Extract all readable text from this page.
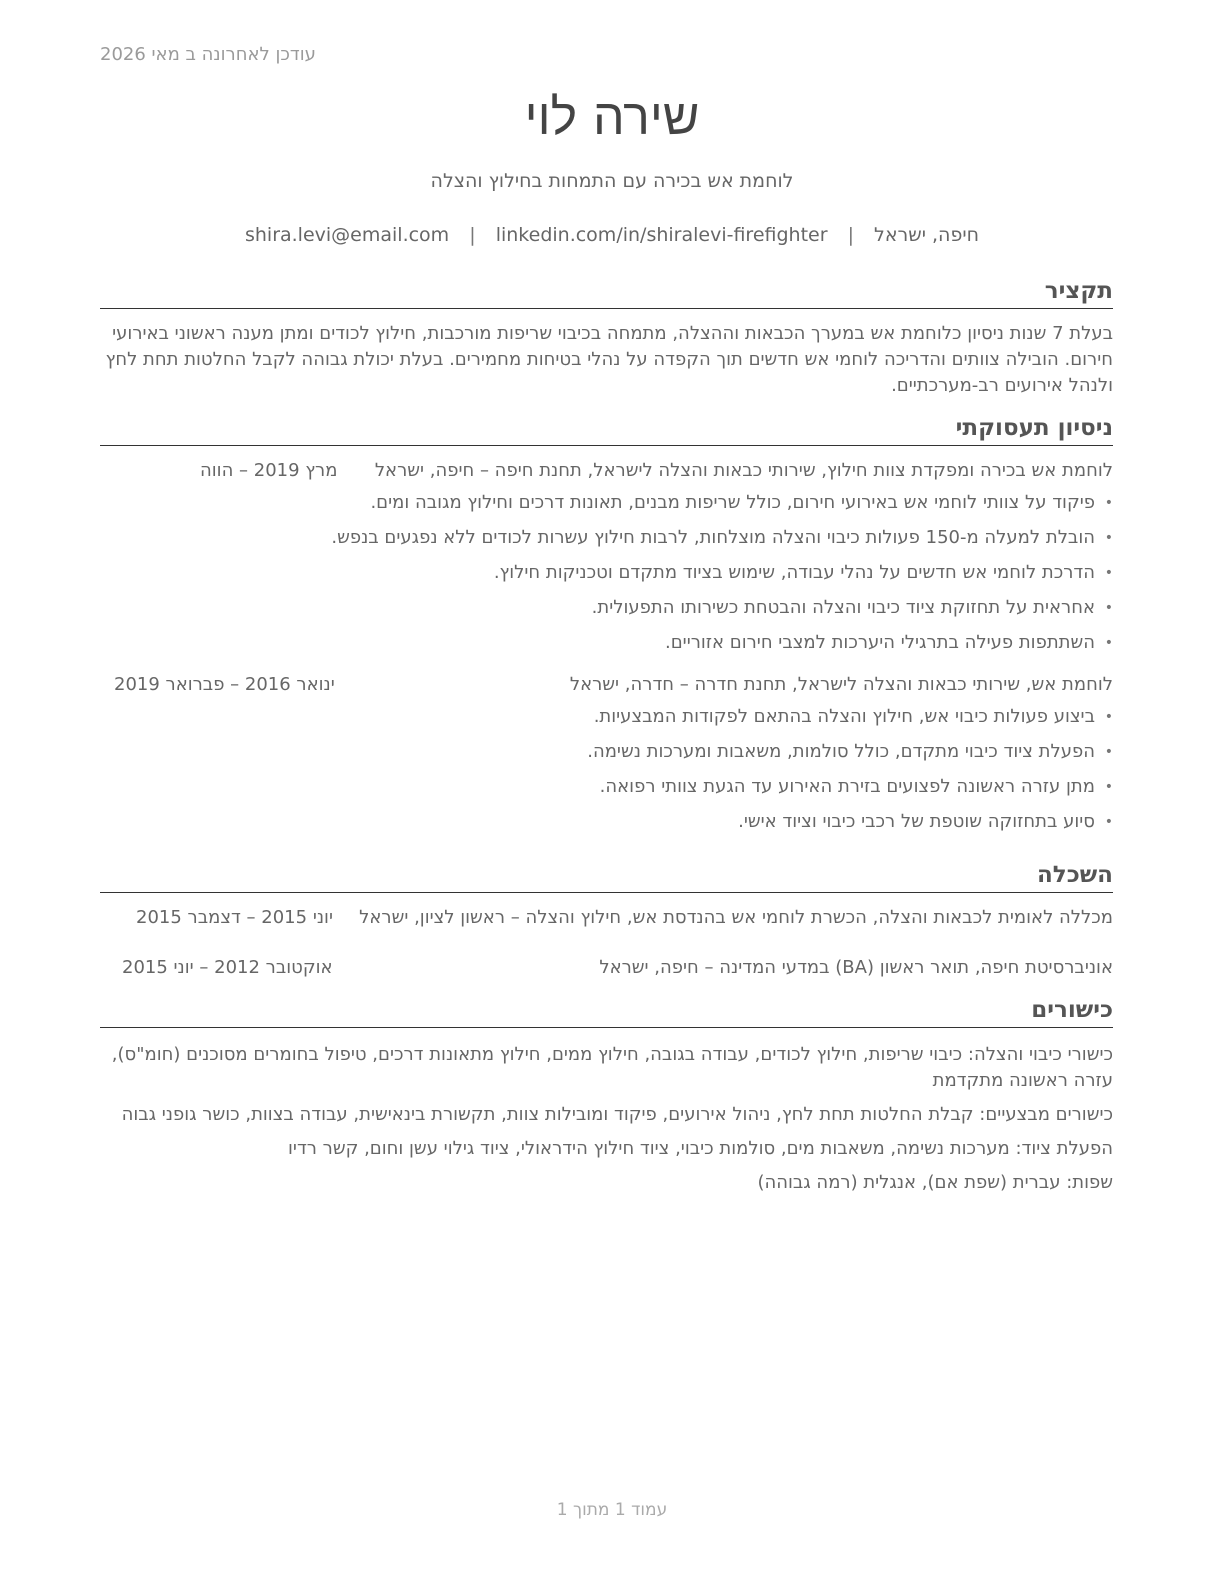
עודכן לאחרונה ב מאי 2026
שירה לוי
לוחמת אש בכירה עם התמחות בחילוץ והצלה
חיפה, ישראל | shira.levi@email.com | linkedin.com/in/shiralevi-firefighter
תקציר

בעלת 7 שנות ניסיון כלוחמת אש במערך הכבאות וההצלה, מתמחה בכיבוי שריפות מורכבות, חילוץ לכודים ומתן מענה ראשוני באירועי חירום. הובילה צוותים והדריכה לוחמי אש חדשים תוך הקפדה על נהלי בטיחות מחמירים. בעלת יכולת גבוהה לקבל החלטות תחת לחץ ולנהל אירועים רב-מערכתיים.

ניסיון תעסוקתי
לוחמת אש בכירה ומפקדת צוות חילוץ, שירותי כבאות והצלה לישראל, תחנת חיפה – חיפה, ישראל
מרץ 2019 – הווה
• פיקוד על צוותי לוחמי אש באירועי חירום, כולל שריפות מבנים, תאונות דרכים וחילוץ מגובה ומים.
• הובלת למעלה מ-150 פעולות כיבוי והצלה מוצלחות, לרבות חילוץ עשרות לכודים ללא נפגעים בנפש.
• הדרכת לוחמי אש חדשים על נהלי עבודה, שימוש בציוד מתקדם וטכניקות חילוץ.
• אחראית על תחזוקת ציוד כיבוי והצלה והבטחת כשירותו התפעולית.
• השתתפות פעילה בתרגילי היערכות למצבי חירום אזוריים.
לוחמת אש, שירותי כבאות והצלה לישראל, תחנת חדרה – חדרה, ישראל
ינואר 2016 – פברואר 2019
• ביצוע פעולות כיבוי אש, חילוץ והצלה בהתאם לפקודות המבצעיות.
• הפעלת ציוד כיבוי מתקדם, כולל סולמות, משאבות ומערכות נשימה.
• מתן עזרה ראשונה לפצועים בזירת האירוע עד הגעת צוותי רפואה.
• סיוע בתחזוקה שוטפת של רכבי כיבוי וציוד אישי.
השכלה
מכללה לאומית לכבאות והצלה, הכשרת לוחמי אש בהנדסת אש, חילוץ והצלה – ראשון לציון, ישראל
יוני 2015 – דצמבר 2015
אוניברסיטת חיפה, תואר ראשון (BA) במדעי המדינה – חיפה, ישראל
אוקטובר 2012 – יוני 2015
כישורים
כישורי כיבוי והצלה: כיבוי שריפות, חילוץ לכודים, עבודה בגובה, חילוץ ממים, חילוץ מתאונות דרכים, טיפול בחומרים מסוכנים (חומ"ס), עזרה ראשונה מתקדמת
כישורים מבצעיים: קבלת החלטות תחת לחץ, ניהול אירועים, פיקוד ומובילות צוות, תקשורת בינאישית, עבודה בצוות, כושר גופני גבוה
הפעלת ציוד: מערכות נשימה, משאבות מים, סולמות כיבוי, ציוד חילוץ הידראולי, ציוד גילוי עשן וחום, קשר רדיו
שפות: עברית (שפת אם), אנגלית (רמה גבוהה)
עמוד 1 מתוך 1
